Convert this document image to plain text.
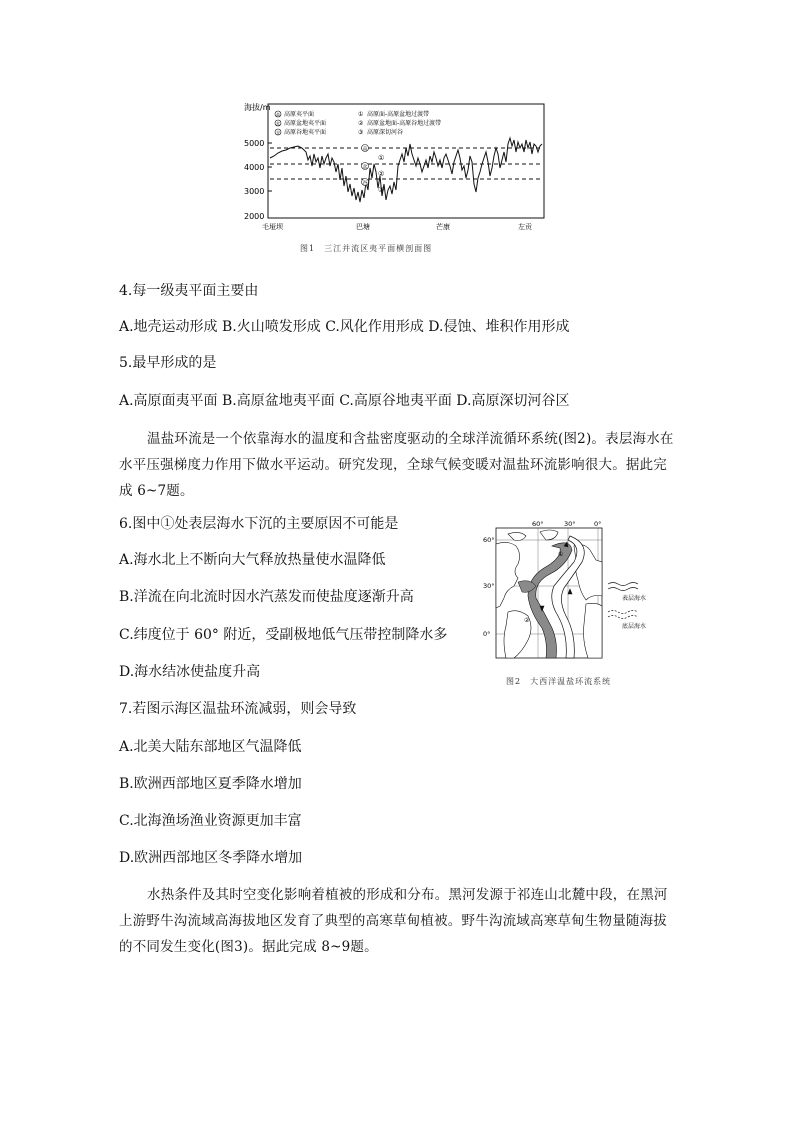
海拔/m
5000
4000
3000
2000
高 高原夷平面
盆 高原盆地夷平面
谷 高原谷地夷平面
① 高原面-高原盆地过渡带
② 高原盆地面-高原谷地过渡带
③ 高原深切河谷
高
①
盆
②
谷
③
毛垭坝	巴塘	芒康	左贡
图1　三江并流区夷平面横剖面图
4.每一级夷平面主要由
A.地壳运动形成 B.火山喷发形成 C.风化作用形成 D.侵蚀、堆积作用形成
5.最早形成的是
A.高原面夷平面 B.高原盆地夷平面 C.高原谷地夷平面 D.高原深切河谷区
温盐环流是一个依靠海水的温度和含盐密度驱动的全球洋流循环系统(图2)。表层海水在水平压强梯度力作用下做水平运动。研究发现，全球气候变暖对温盐环流影响很大。据此完成 6~7题。
6.图中①处表层海水下沉的主要原因不可能是
A.海水北上不断向大气释放热量使水温降低
B.洋流在向北流时因水汽蒸发而使盐度逐渐升高
C.纬度位于 60° 附近，受副极地低气压带控制降水多
D.海水结冰使盐度升高
60°	30°	0°
60°
30°
0°
①
②
表层海水
底层海水
图2　大西洋温盐环流系统
7.若图示海区温盐环流减弱，则会导致
A.北美大陆东部地区气温降低
B.欧洲西部地区夏季降水增加
C.北海渔场渔业资源更加丰富
D.欧洲西部地区冬季降水增加
水热条件及其时空变化影响着植被的形成和分布。黑河发源于祁连山北麓中段，在黑河上游野牛沟流域高海拔地区发育了典型的高寒草甸植被。野牛沟流域高寒草甸生物量随海拔的不同发生变化(图3)。据此完成 8~9题。
